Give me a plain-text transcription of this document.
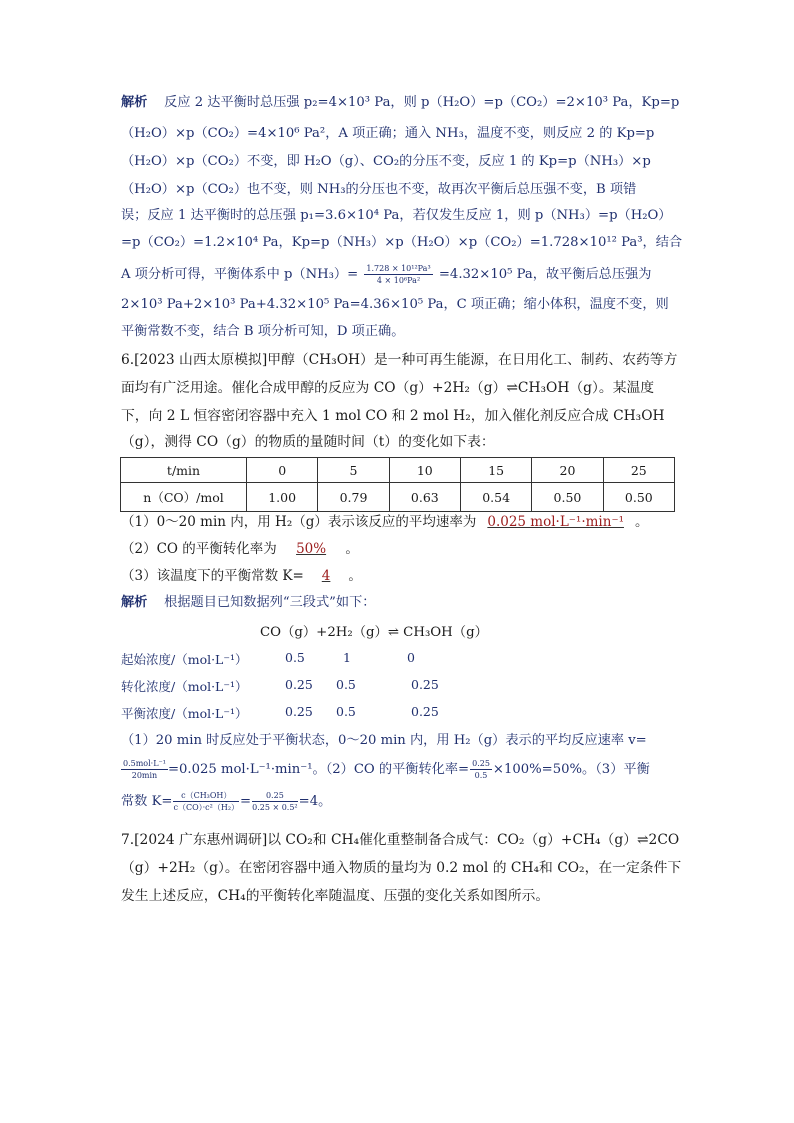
解析 反应 2 达平衡时总压强 p₂=4×10³ Pa，则 p（H₂O）=p（CO₂）=2×10³ Pa，Kp=p
（H₂O）×p（CO₂）=4×10⁶ Pa²，A 项正确；通入 NH₃，温度不变，则反应 2 的 Kp=p
（H₂O）×p（CO₂）不变，即 H₂O（g）、CO₂的分压不变，反应 1 的 Kp=p（NH₃）×p
（H₂O）×p（CO₂）也不变，则 NH₃的分压也不变，故再次平衡后总压强不变，B 项错
误；反应 1 达平衡时的总压强 p₁=3.6×10⁴ Pa，若仅发生反应 1，则 p（NH₃）=p（H₂O）
=p（CO₂）=1.2×10⁴ Pa，Kp=p（NH₃）×p（H₂O）×p（CO₂）=1.728×10¹² Pa³，结合
A 项分析可得，平衡体系中 $p(NH_3)= \frac{\text{1.728 × 10¹²Pa³}}{\text{4 × 10⁶Pa²}} =4.32\times 10^5$ Pa，故平衡后总压强为
2×10³ Pa+2×10³ Pa+4.32×10⁵ Pa=4.36×10⁵ Pa，C 项正确；缩小体积，温度不变，则
平衡常数不变，结合 B 项分析可知，D 项正确。
6.[2023 山西太原模拟]甲醇（CH₃OH）是一种可再生能源，在日用化工、制药、农药等方
面均有广泛用途。催化合成甲醇的反应为 CO（g）+2H₂（g）⇌CH₃OH（g）。某温度
下，向 2 L 恒容密闭容器中充入 1 mol CO 和 2 mol H₂，加入催化剂反应合成 CH₃OH
（g），测得 CO（g）的物质的量随时间（t）的变化如下表：
t/min	0	5	10	15	20	25
n（CO）/mol	1.00	0.79	0.63	0.54	0.50	0.50
（1）0～20 min 内，用 H₂（g）表示该反应的平均速率为 0.025 mol·L⁻¹·min⁻¹ 。
（2）CO 的平衡转化率为 50% 。
（3）该温度下的平衡常数 K= 4 。
解析 根据题目已知数据列“三段式”如下：
CO（g）+2H₂（g）⇌ CH₃OH（g）
起始浓度/（mol·L⁻¹）	0.5	1	0
转化浓度/（mol·L⁻¹）	0.25 0.5	0.25
平衡浓度/（mol·L⁻¹）	0.25 0.5	0.25
（1）20 min 时反应处于平衡状态，0～20 min 内，用 H₂（g）表示的平均反应速率 v=
0.5mol·L⁻¹
20min =0.025 mol·L⁻¹·min⁻¹。（2）CO 的平衡转化率= $\frac{0.25}{0.5} \times 100\%=50\%$。（3）平衡
常数 $K= \frac{\text{c（CH₃OH）}}{\text{c（CO）·c²（H₂）}} = \frac{0.25}{\text{0.25 × 0.5²}} =4$。
7.[2024 广东惠州调研]以 CO₂和 CH₄催化重整制备合成气：CO₂（g）+CH₄（g）⇌2CO
（g）+2H₂（g）。在密闭容器中通入物质的量均为 0.2 mol 的 CH₄和 CO₂，在一定条件下
发生上述反应，CH₄的平衡转化率随温度、压强的变化关系如图所示。
